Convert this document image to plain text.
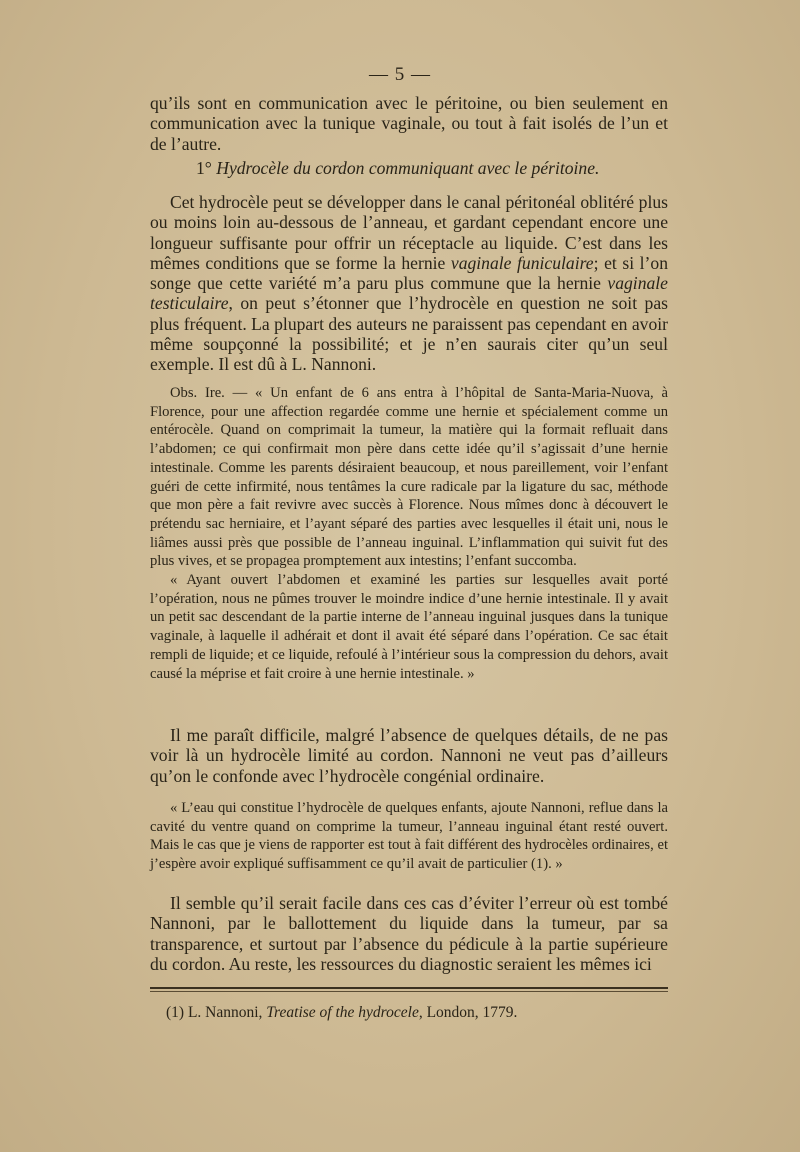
— 5 —

qu’ils sont en communication avec le péritoine, ou bien seulement en communication avec la tunique vaginale, ou tout à fait isolés de l’un et de l’autre.

1° Hydrocèle du cordon communiquant avec le péritoine.

Cet hydrocèle peut se développer dans le canal péritonéal oblitéré plus ou moins loin au-dessous de l’anneau, et gardant cependant encore une longueur suffisante pour offrir un réceptacle au liquide. C’est dans les mêmes conditions que se forme la hernie vaginale funiculaire; et si l’on songe que cette variété m’a paru plus commune que la hernie vaginale testiculaire, on peut s’étonner que l’hydrocèle en question ne soit pas plus fréquent. La plupart des auteurs ne paraissent pas cependant en avoir même soupçonné la possibilité; et je n’en saurais citer qu’un seul exemple. Il est dû à L. Nannoni.

Obs. Ire. — « Un enfant de 6 ans entra à l’hôpital de Santa-Maria-Nuova, à Florence, pour une affection regardée comme une hernie et spécialement comme un entérocèle. Quand on comprimait la tumeur, la matière qui la formait refluait dans l’abdomen; ce qui confirmait mon père dans cette idée qu’il s’agissait d’une hernie intestinale. Comme les parents désiraient beaucoup, et nous pareillement, voir l’enfant guéri de cette infirmité, nous tentâmes la cure radicale par la ligature du sac, méthode que mon père a fait revivre avec succès à Florence. Nous mîmes donc à découvert le prétendu sac herniaire, et l’ayant séparé des parties avec lesquelles il était uni, nous le liâmes aussi près que possible de l’anneau inguinal. L’inflammation qui suivit fut des plus vives, et se propagea promptement aux intestins; l’enfant succomba.

« Ayant ouvert l’abdomen et examiné les parties sur lesquelles avait porté l’opération, nous ne pûmes trouver le moindre indice d’une hernie intestinale. Il y avait un petit sac descendant de la partie interne de l’anneau inguinal jusques dans la tunique vaginale, à laquelle il adhérait et dont il avait été séparé dans l’opération. Ce sac était rempli de liquide; et ce liquide, refoulé à l’intérieur sous la compression du dehors, avait causé la méprise et fait croire à une hernie intestinale. »

Il me paraît difficile, malgré l’absence de quelques détails, de ne pas voir là un hydrocèle limité au cordon. Nannoni ne veut pas d’ailleurs qu’on le confonde avec l’hydrocèle congénial ordinaire.

« L’eau qui constitue l’hydrocèle de quelques enfants, ajoute Nannoni, reflue dans la cavité du ventre quand on comprime la tumeur, l’anneau inguinal étant resté ouvert. Mais le cas que je viens de rapporter est tout à fait différent des hydrocèles ordinaires, et j’espère avoir expliqué suffisamment ce qu’il avait de particulier (1). »

Il semble qu’il serait facile dans ces cas d’éviter l’erreur où est tombé Nannoni, par le ballottement du liquide dans la tumeur, par sa transparence, et surtout par l’absence du pédicule à la partie supérieure du cordon. Au reste, les ressources du diagnostic seraient les mêmes ici

(1) L. Nannoni, Treatise of the hydrocele, London, 1779.
